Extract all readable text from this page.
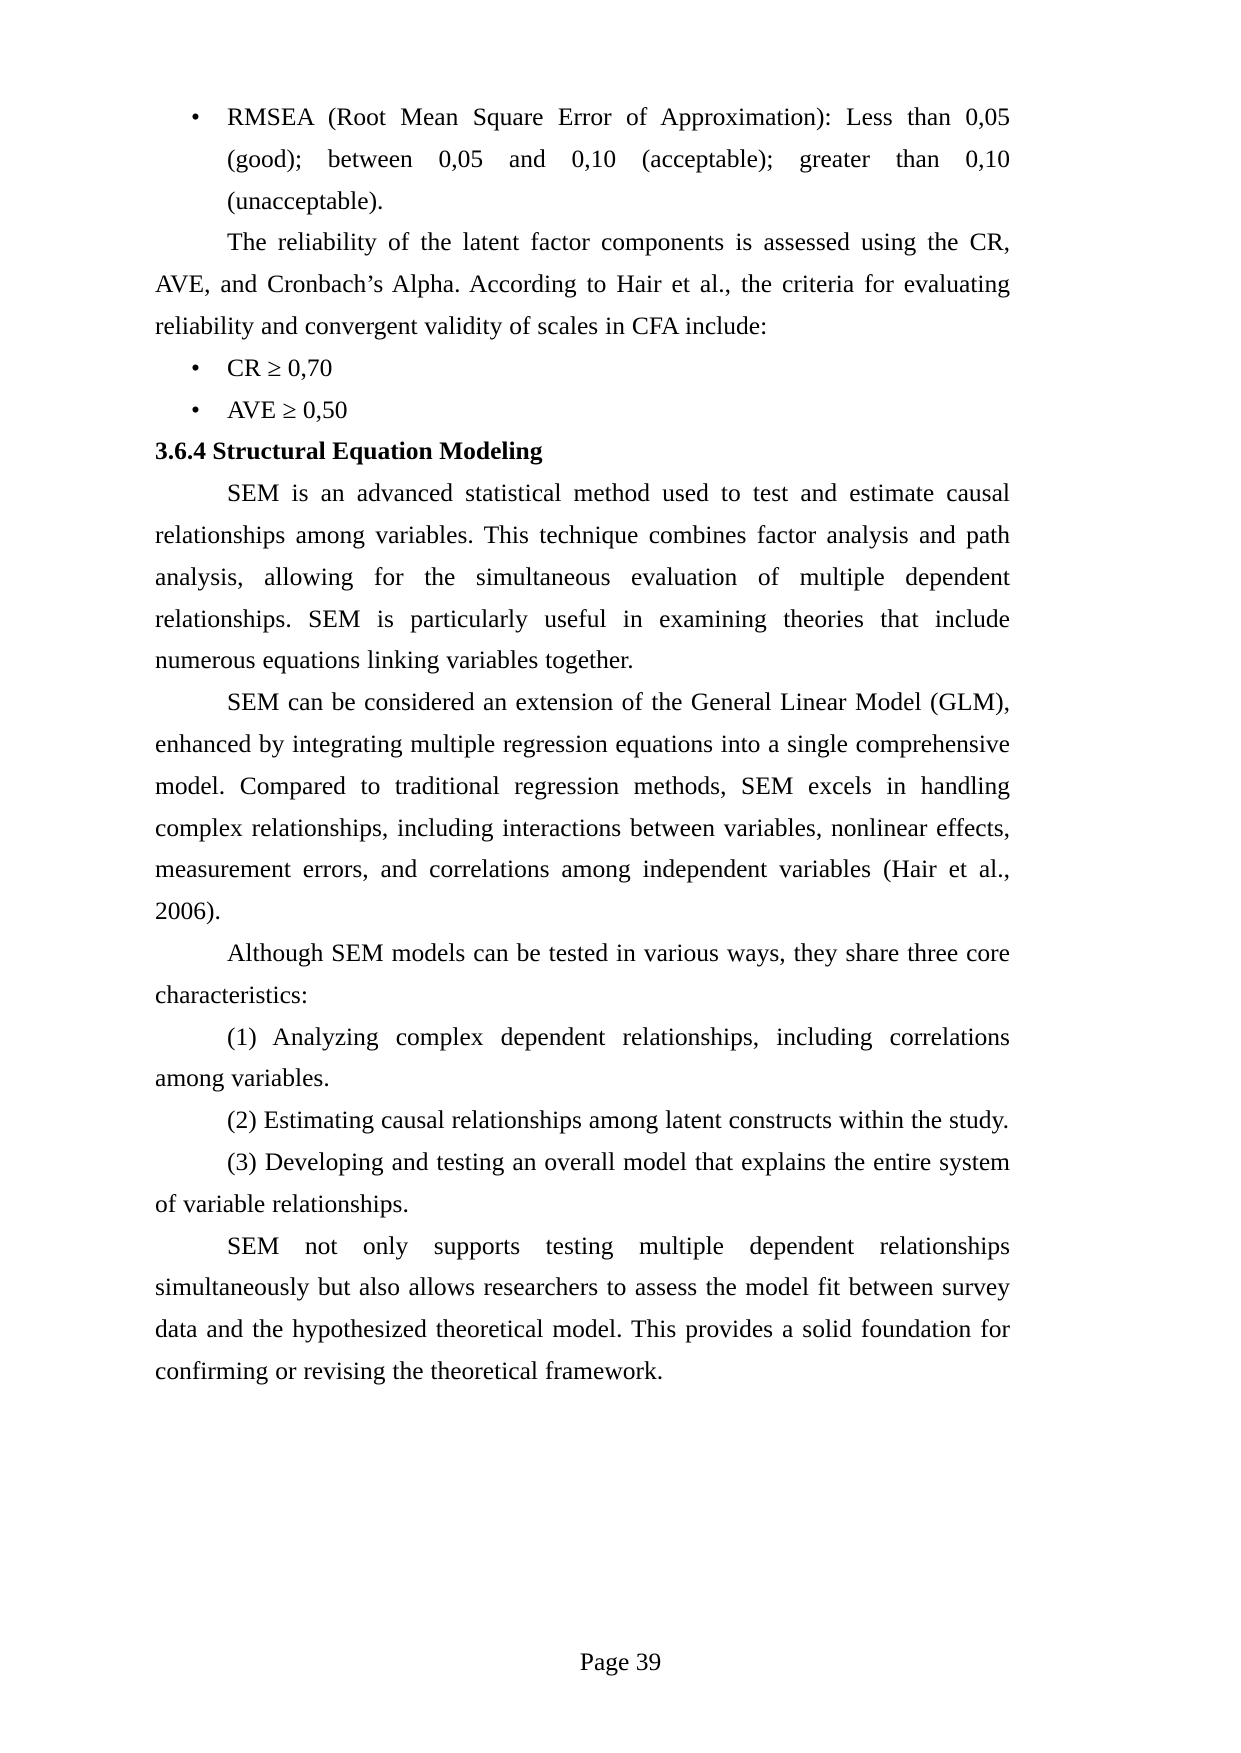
• RMSEA (Root Mean Square Error of Approximation): Less than 0,05 (good); between 0,05 and 0,10 (acceptable); greater than 0,10 (unacceptable).

The reliability of the latent factor components is assessed using the CR, AVE, and Cronbach’s Alpha. According to Hair et al., the criteria for evaluating reliability and convergent validity of scales in CFA include:

• CR ≥ 0,70
• AVE ≥ 0,50
3.6.4 Structural Equation Modeling

SEM is an advanced statistical method used to test and estimate causal relationships among variables. This technique combines factor analysis and path analysis, allowing for the simultaneous evaluation of multiple dependent relationships. SEM is particularly useful in examining theories that include numerous equations linking variables together.

SEM can be considered an extension of the General Linear Model (GLM), enhanced by integrating multiple regression equations into a single comprehensive model. Compared to traditional regression methods, SEM excels in handling complex relationships, including interactions between variables, nonlinear effects, measurement errors, and correlations among independent variables (Hair et al., 2006).

Although SEM models can be tested in various ways, they share three core characteristics:

(1) Analyzing complex dependent relationships, including correlations among variables.

(2) Estimating causal relationships among latent constructs within the study.

(3) Developing and testing an overall model that explains the entire system of variable relationships.

SEM not only supports testing multiple dependent relationships simultaneously but also allows researchers to assess the model fit between survey data and the hypothesized theoretical model. This provides a solid foundation for confirming or revising the theoretical framework.

Page 39
